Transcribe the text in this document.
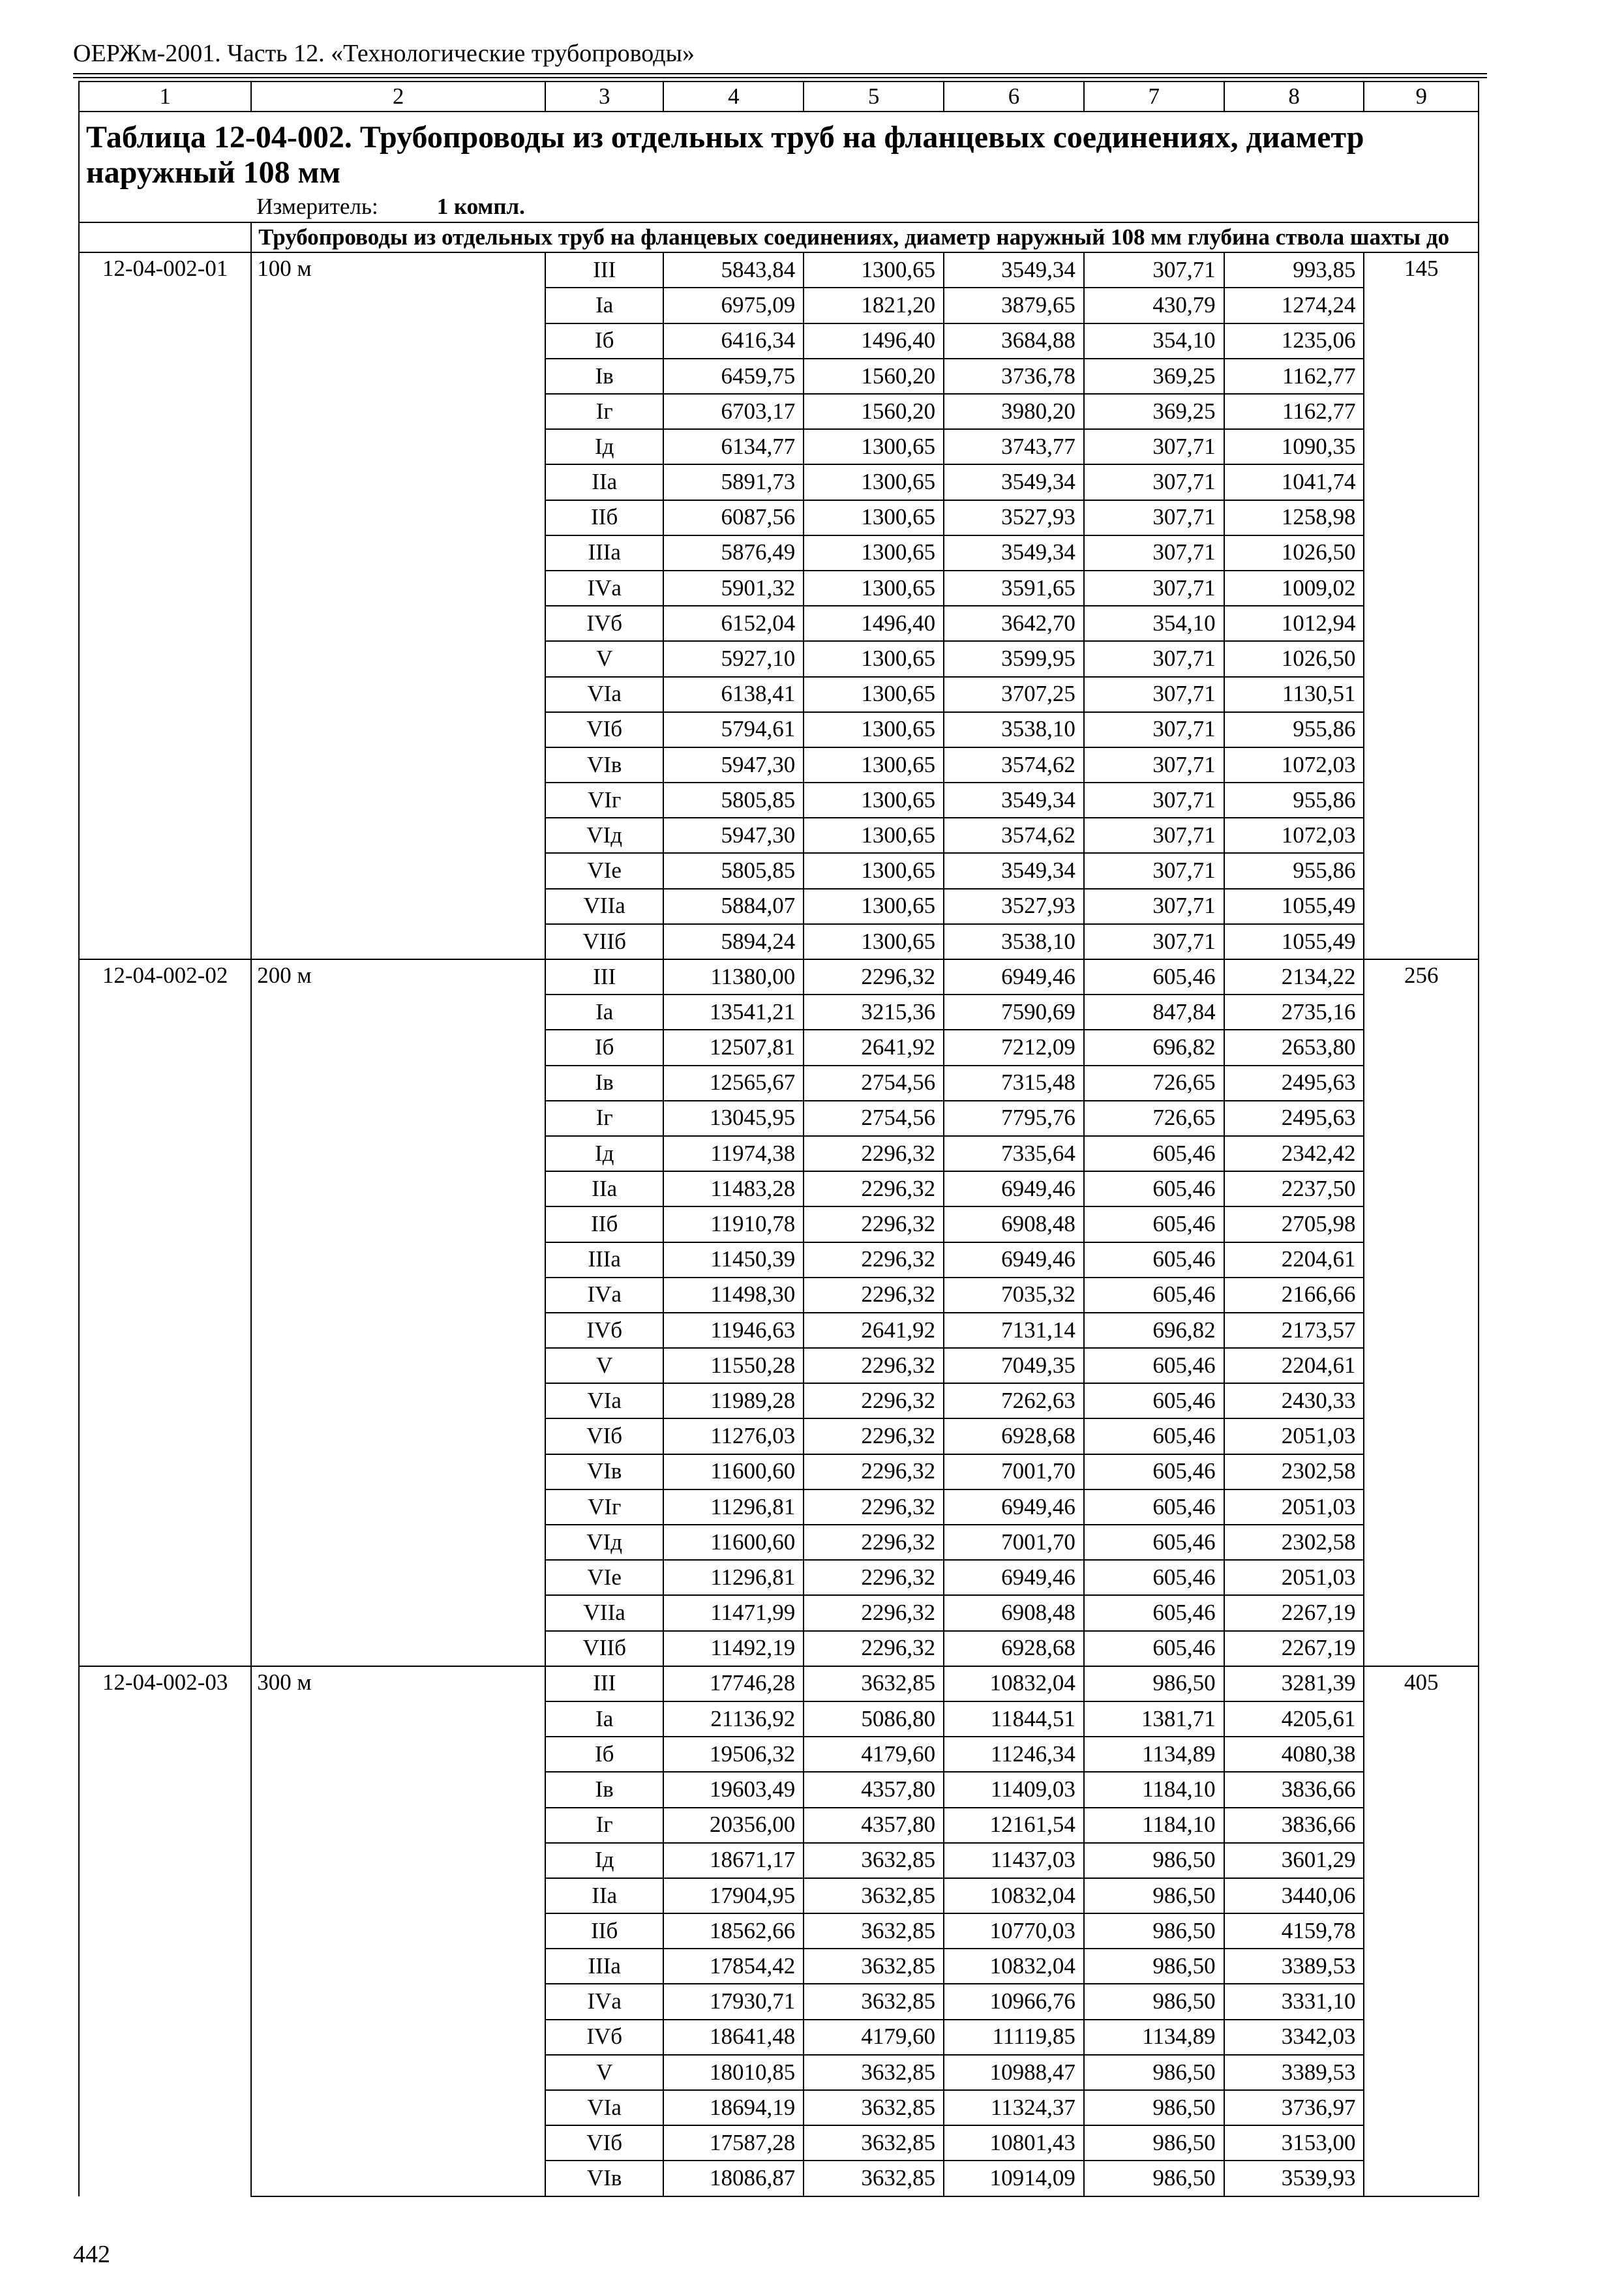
ОЕРЖм-2001. Часть 12. «Технологические трубопроводы»
1	2	3	4	5	6	7	8	9
Таблица 12-04-002. Трубопроводы из отдельных труб на фланцевых соединениях, диаметр наружный 108 мм								
	Измеритель: 1 компл.							
	Трубопроводы из отдельных труб на фланцевых соединениях, диаметр наружный 108 мм глубина ствола шахты до							
12-04-002-01	100 м	III	5843,84	1300,65	3549,34	307,71	993,85	145
		Iа	6975,09	1821,20	3879,65	430,79	1274,24	
		Iб	6416,34	1496,40	3684,88	354,10	1235,06	
		Iв	6459,75	1560,20	3736,78	369,25	1162,77	
		Iг	6703,17	1560,20	3980,20	369,25	1162,77	
		Iд	6134,77	1300,65	3743,77	307,71	1090,35	
		IIа	5891,73	1300,65	3549,34	307,71	1041,74	
		IIб	6087,56	1300,65	3527,93	307,71	1258,98	
		IIIа	5876,49	1300,65	3549,34	307,71	1026,50	
		IVа	5901,32	1300,65	3591,65	307,71	1009,02	
		IVб	6152,04	1496,40	3642,70	354,10	1012,94	
		V	5927,10	1300,65	3599,95	307,71	1026,50	
		VIа	6138,41	1300,65	3707,25	307,71	1130,51	
		VIб	5794,61	1300,65	3538,10	307,71	955,86	
		VIв	5947,30	1300,65	3574,62	307,71	1072,03	
		VIг	5805,85	1300,65	3549,34	307,71	955,86	
		VIд	5947,30	1300,65	3574,62	307,71	1072,03	
		VIе	5805,85	1300,65	3549,34	307,71	955,86	
		VIIа	5884,07	1300,65	3527,93	307,71	1055,49	
		VIIб	5894,24	1300,65	3538,10	307,71	1055,49	
12-04-002-02	200 м	III	11380,00	2296,32	6949,46	605,46	2134,22	256
		Iа	13541,21	3215,36	7590,69	847,84	2735,16	
		Iб	12507,81	2641,92	7212,09	696,82	2653,80	
		Iв	12565,67	2754,56	7315,48	726,65	2495,63	
		Iг	13045,95	2754,56	7795,76	726,65	2495,63	
		Iд	11974,38	2296,32	7335,64	605,46	2342,42	
		IIа	11483,28	2296,32	6949,46	605,46	2237,50	
		IIб	11910,78	2296,32	6908,48	605,46	2705,98	
		IIIа	11450,39	2296,32	6949,46	605,46	2204,61	
		IVа	11498,30	2296,32	7035,32	605,46	2166,66	
		IVб	11946,63	2641,92	7131,14	696,82	2173,57	
		V	11550,28	2296,32	7049,35	605,46	2204,61	
		VIа	11989,28	2296,32	7262,63	605,46	2430,33	
		VIб	11276,03	2296,32	6928,68	605,46	2051,03	
		VIв	11600,60	2296,32	7001,70	605,46	2302,58	
		VIг	11296,81	2296,32	6949,46	605,46	2051,03	
		VIд	11600,60	2296,32	7001,70	605,46	2302,58	
		VIе	11296,81	2296,32	6949,46	605,46	2051,03	
		VIIа	11471,99	2296,32	6908,48	605,46	2267,19	
		VIIб	11492,19	2296,32	6928,68	605,46	2267,19	
12-04-002-03	300 м	III	17746,28	3632,85	10832,04	986,50	3281,39	405
		Iа	21136,92	5086,80	11844,51	1381,71	4205,61	
		Iб	19506,32	4179,60	11246,34	1134,89	4080,38	
		Iв	19603,49	4357,80	11409,03	1184,10	3836,66	
		Iг	20356,00	4357,80	12161,54	1184,10	3836,66	
		Iд	18671,17	3632,85	11437,03	986,50	3601,29	
		IIа	17904,95	3632,85	10832,04	986,50	3440,06	
		IIб	18562,66	3632,85	10770,03	986,50	4159,78	
		IIIа	17854,42	3632,85	10832,04	986,50	3389,53	
		IVа	17930,71	3632,85	10966,76	986,50	3331,10	
		IVб	18641,48	4179,60	11119,85	1134,89	3342,03	
		V	18010,85	3632,85	10988,47	986,50	3389,53	
		VIа	18694,19	3632,85	11324,37	986,50	3736,97	
		VIб	17587,28	3632,85	10801,43	986,50	3153,00	
		VIв	18086,87	3632,85	10914,09	986,50	3539,93	
442
